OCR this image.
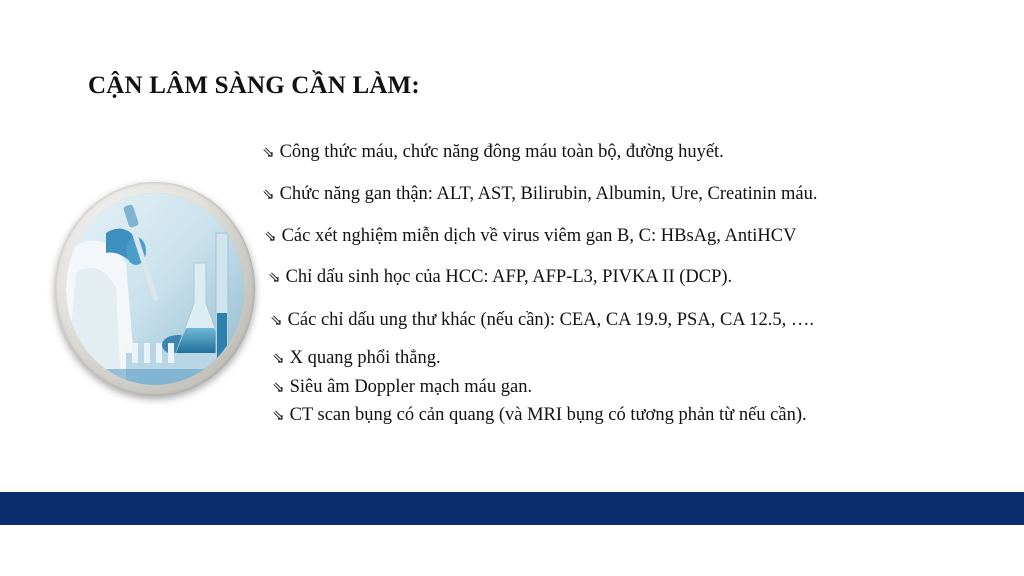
CẬN LÂM SÀNG CẦN LÀM:
⇘ Công thức máu, chức năng đông máu toàn bộ, đường huyết.
⇘ Chức năng gan thận: ALT, AST, Bilirubin, Albumin, Ure, Creatinin máu.
⇘ Các xét nghiệm miễn dịch về virus viêm gan B, C: HBsAg, AntiHCV
⇘ Chỉ dấu sinh học của HCC: AFP, AFP-L3, PIVKA II (DCP).
⇘ Các chỉ dấu ung thư khác (nếu cần): CEA, CA 19.9, PSA, CA 12.5, ….
⇘ X quang phổi thẳng.
⇘ Siêu âm Doppler mạch máu gan.
⇘ CT scan bụng có cản quang (và MRI bụng có tương phản từ nếu cần).
